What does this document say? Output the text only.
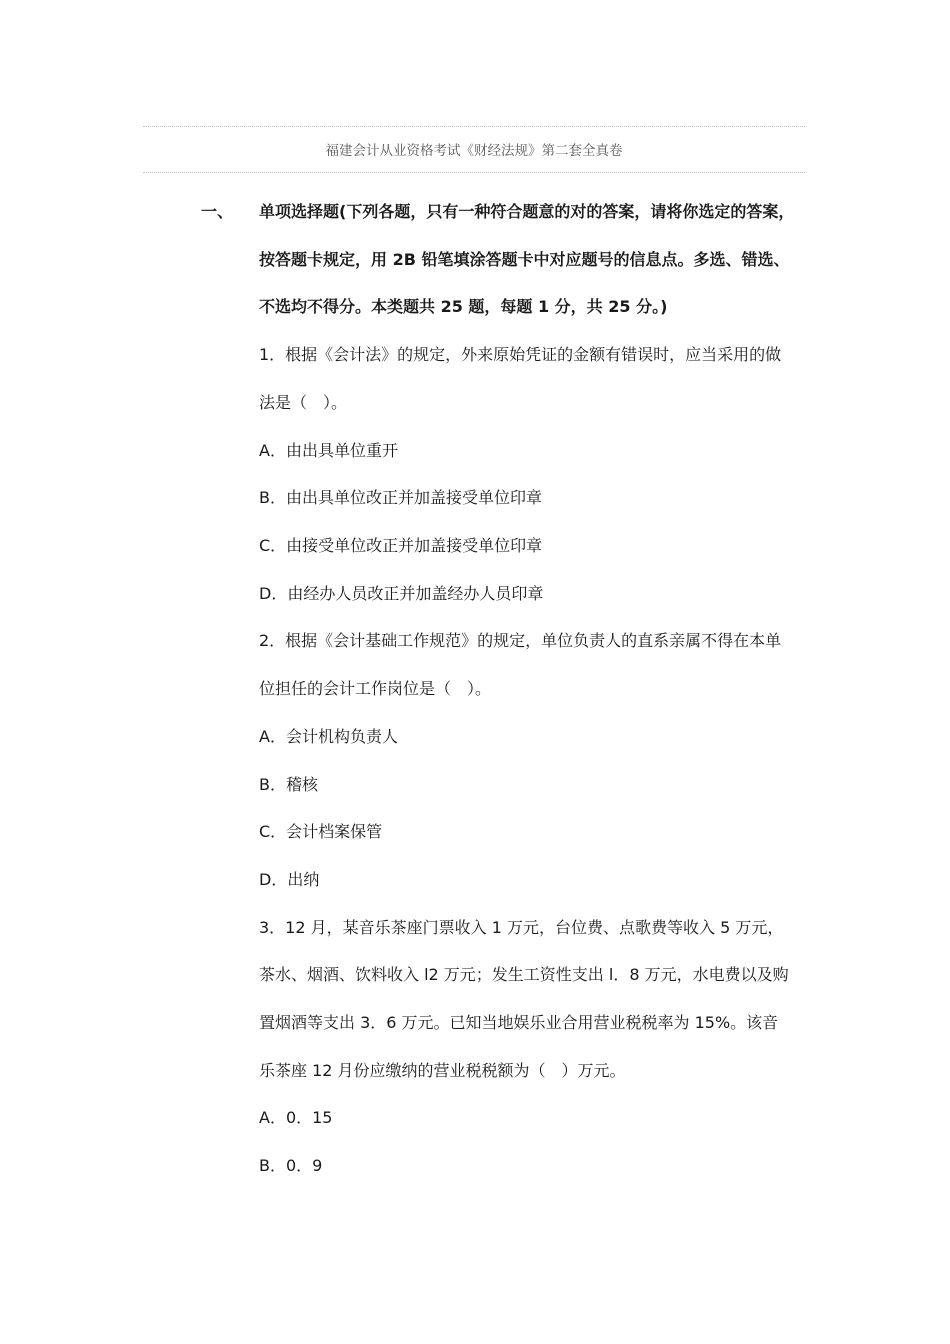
福建会计从业资格考试《财经法规》第二套全真卷
一、 单项选择题(下列各题，只有一种符合题意的对的答案，请将你选定的答案，
按答题卡规定，用 2B 铅笔填涂答题卡中对应题号的信息点。多选、错选、
不选均不得分。本类题共 25 题，每题 1 分，共 25 分。)
1．根据《会计法》的规定，外来原始凭证的金额有错误时，应当采用的做
法是（　）。
A．由出具单位重开
B．由出具单位改正并加盖接受单位印章
C．由接受单位改正并加盖接受单位印章
D．由经办人员改正并加盖经办人员印章
2．根据《会计基础工作规范》的规定，单位负责人的直系亲属不得在本单
位担任的会计工作岗位是（　）。
A．会计机构负责人
B．稽核
C．会计档案保管
D．出纳
3．12 月，某音乐茶座门票收入 1 万元，台位费、点歌费等收入 5 万元，
茶水、烟酒、饮料收入 l2 万元；发生工资性支出 l．8 万元，水电费以及购
置烟酒等支出 3．6 万元。已知当地娱乐业合用营业税税率为 15%。该音
乐茶座 12 月份应缴纳的营业税税额为（　）万元。
A．0．15
B．0．9
